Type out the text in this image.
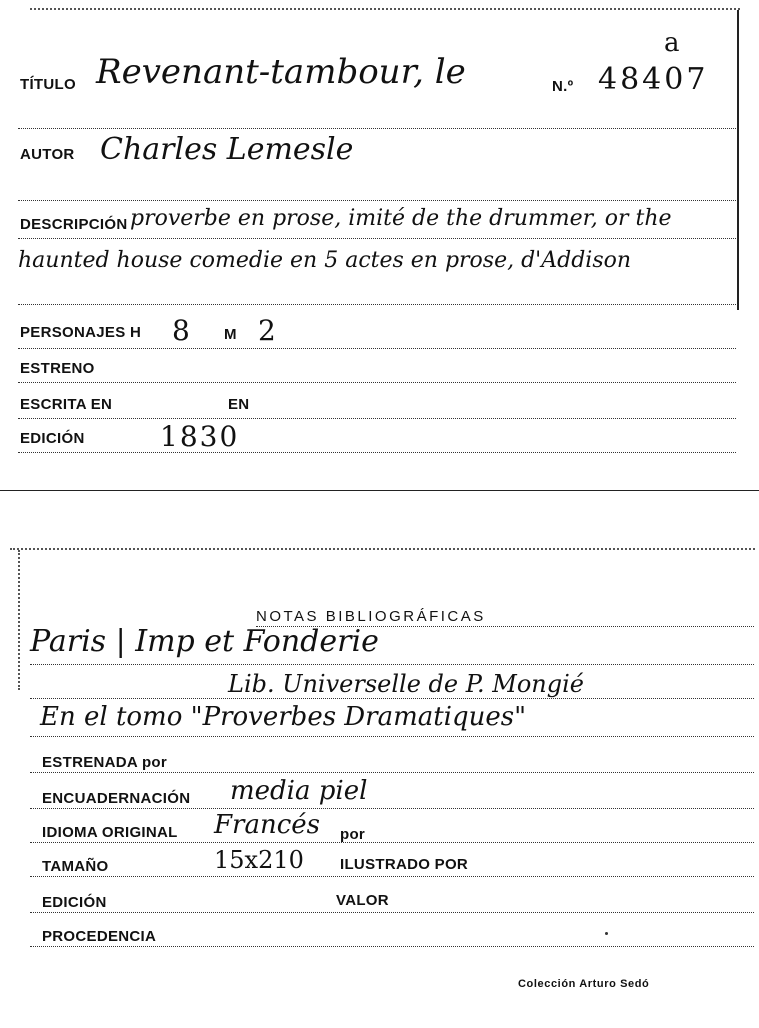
TÍTULO Revenant-tambour, le	N.º 48407
a
AUTOR Charles Lemesle
DESCRIPCIÓN proverbe en prose, imité de the drummer, or the
haunted house comedie en 5 actes en prose, d'Addison
PERSONAJES H 8 M 2
ESTRENO
ESCRITA EN	EN
EDICIÓN	1830
NOTAS BIBLIOGRÁFICAS
Paris | Imp et Fonderie
Lib. Universelle de P. Mongié
En el tomo "Proverbes Dramatiques"
ESTRENADA por
ENCUADERNACIÓN media piel
IDIOMA ORIGINAL Francés por
TAMAÑO	15x210 ILUSTRADO POR
EDICIÓN	VALOR
PROCEDENCIA
Colección Arturo Sedó
